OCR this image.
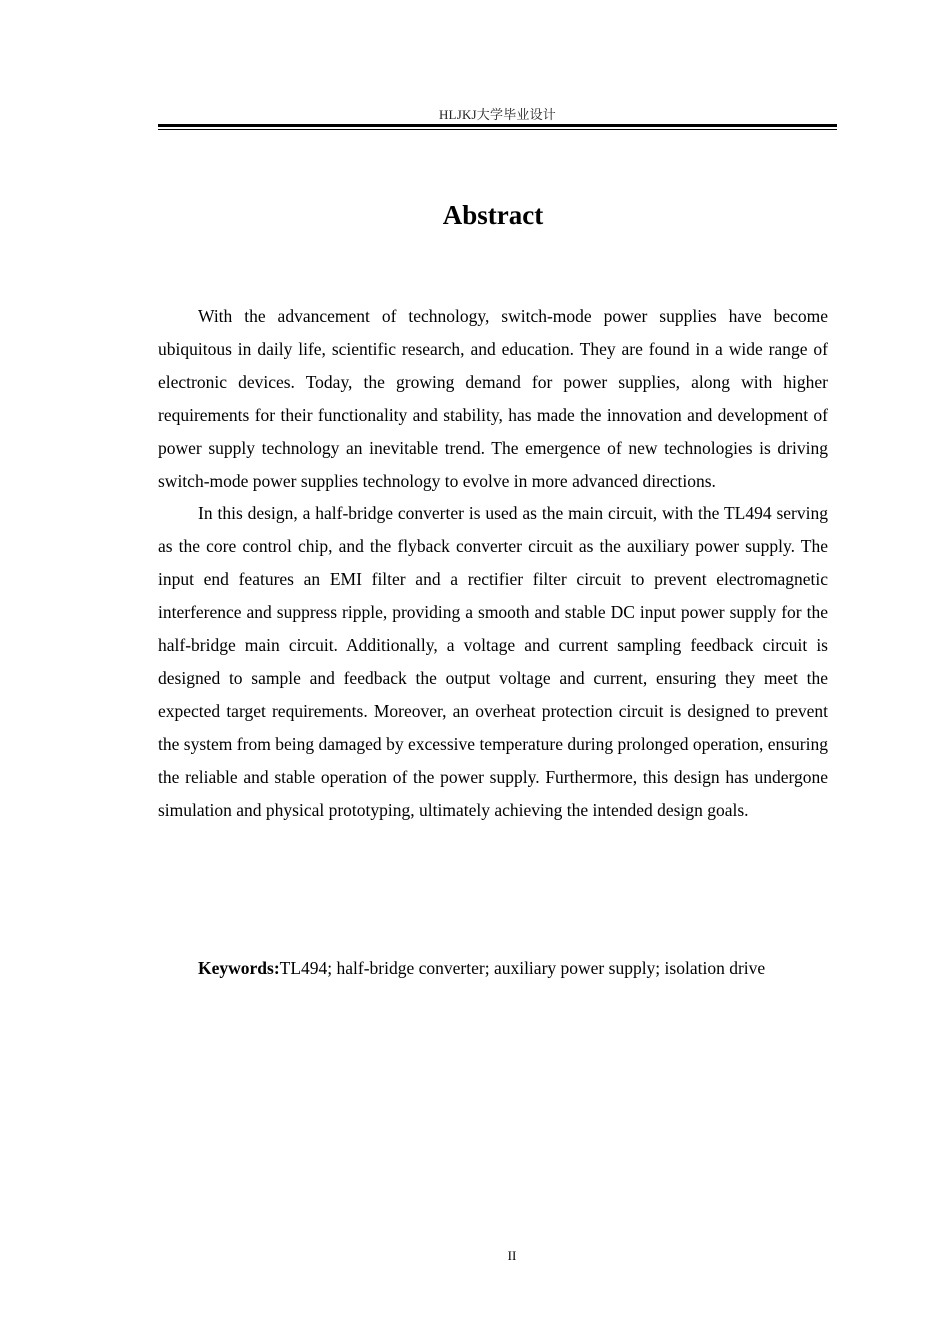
HLJKJ大学毕业设计
Abstract

With the advancement of technology, switch-mode power supplies have become ubiquitous in daily life, scientific research, and education. They are found in a wide range of electronic devices. Today, the growing demand for power supplies, along with higher requirements for their functionality and stability, has made the innovation and development of power supply technology an inevitable trend. The emergence of new technologies is driving switch-mode power supplies technology to evolve in more advanced directions.

In this design, a half-bridge converter is used as the main circuit, with the TL494 serving as the core control chip, and the flyback converter circuit as the auxiliary power supply. The input end features an EMI filter and a rectifier filter circuit to prevent electromagnetic interference and suppress ripple, providing a smooth and stable DC input power supply for the half-bridge main circuit. Additionally, a voltage and current sampling feedback circuit is designed to sample and feedback the output voltage and current, ensuring they meet the expected target requirements. Moreover, an overheat protection circuit is designed to prevent the system from being damaged by excessive temperature during prolonged operation, ensuring the reliable and stable operation of the power supply. Furthermore, this design has undergone simulation and physical prototyping, ultimately achieving the intended design goals.

Keywords:TL494; half-bridge converter; auxiliary power supply; isolation drive

II
